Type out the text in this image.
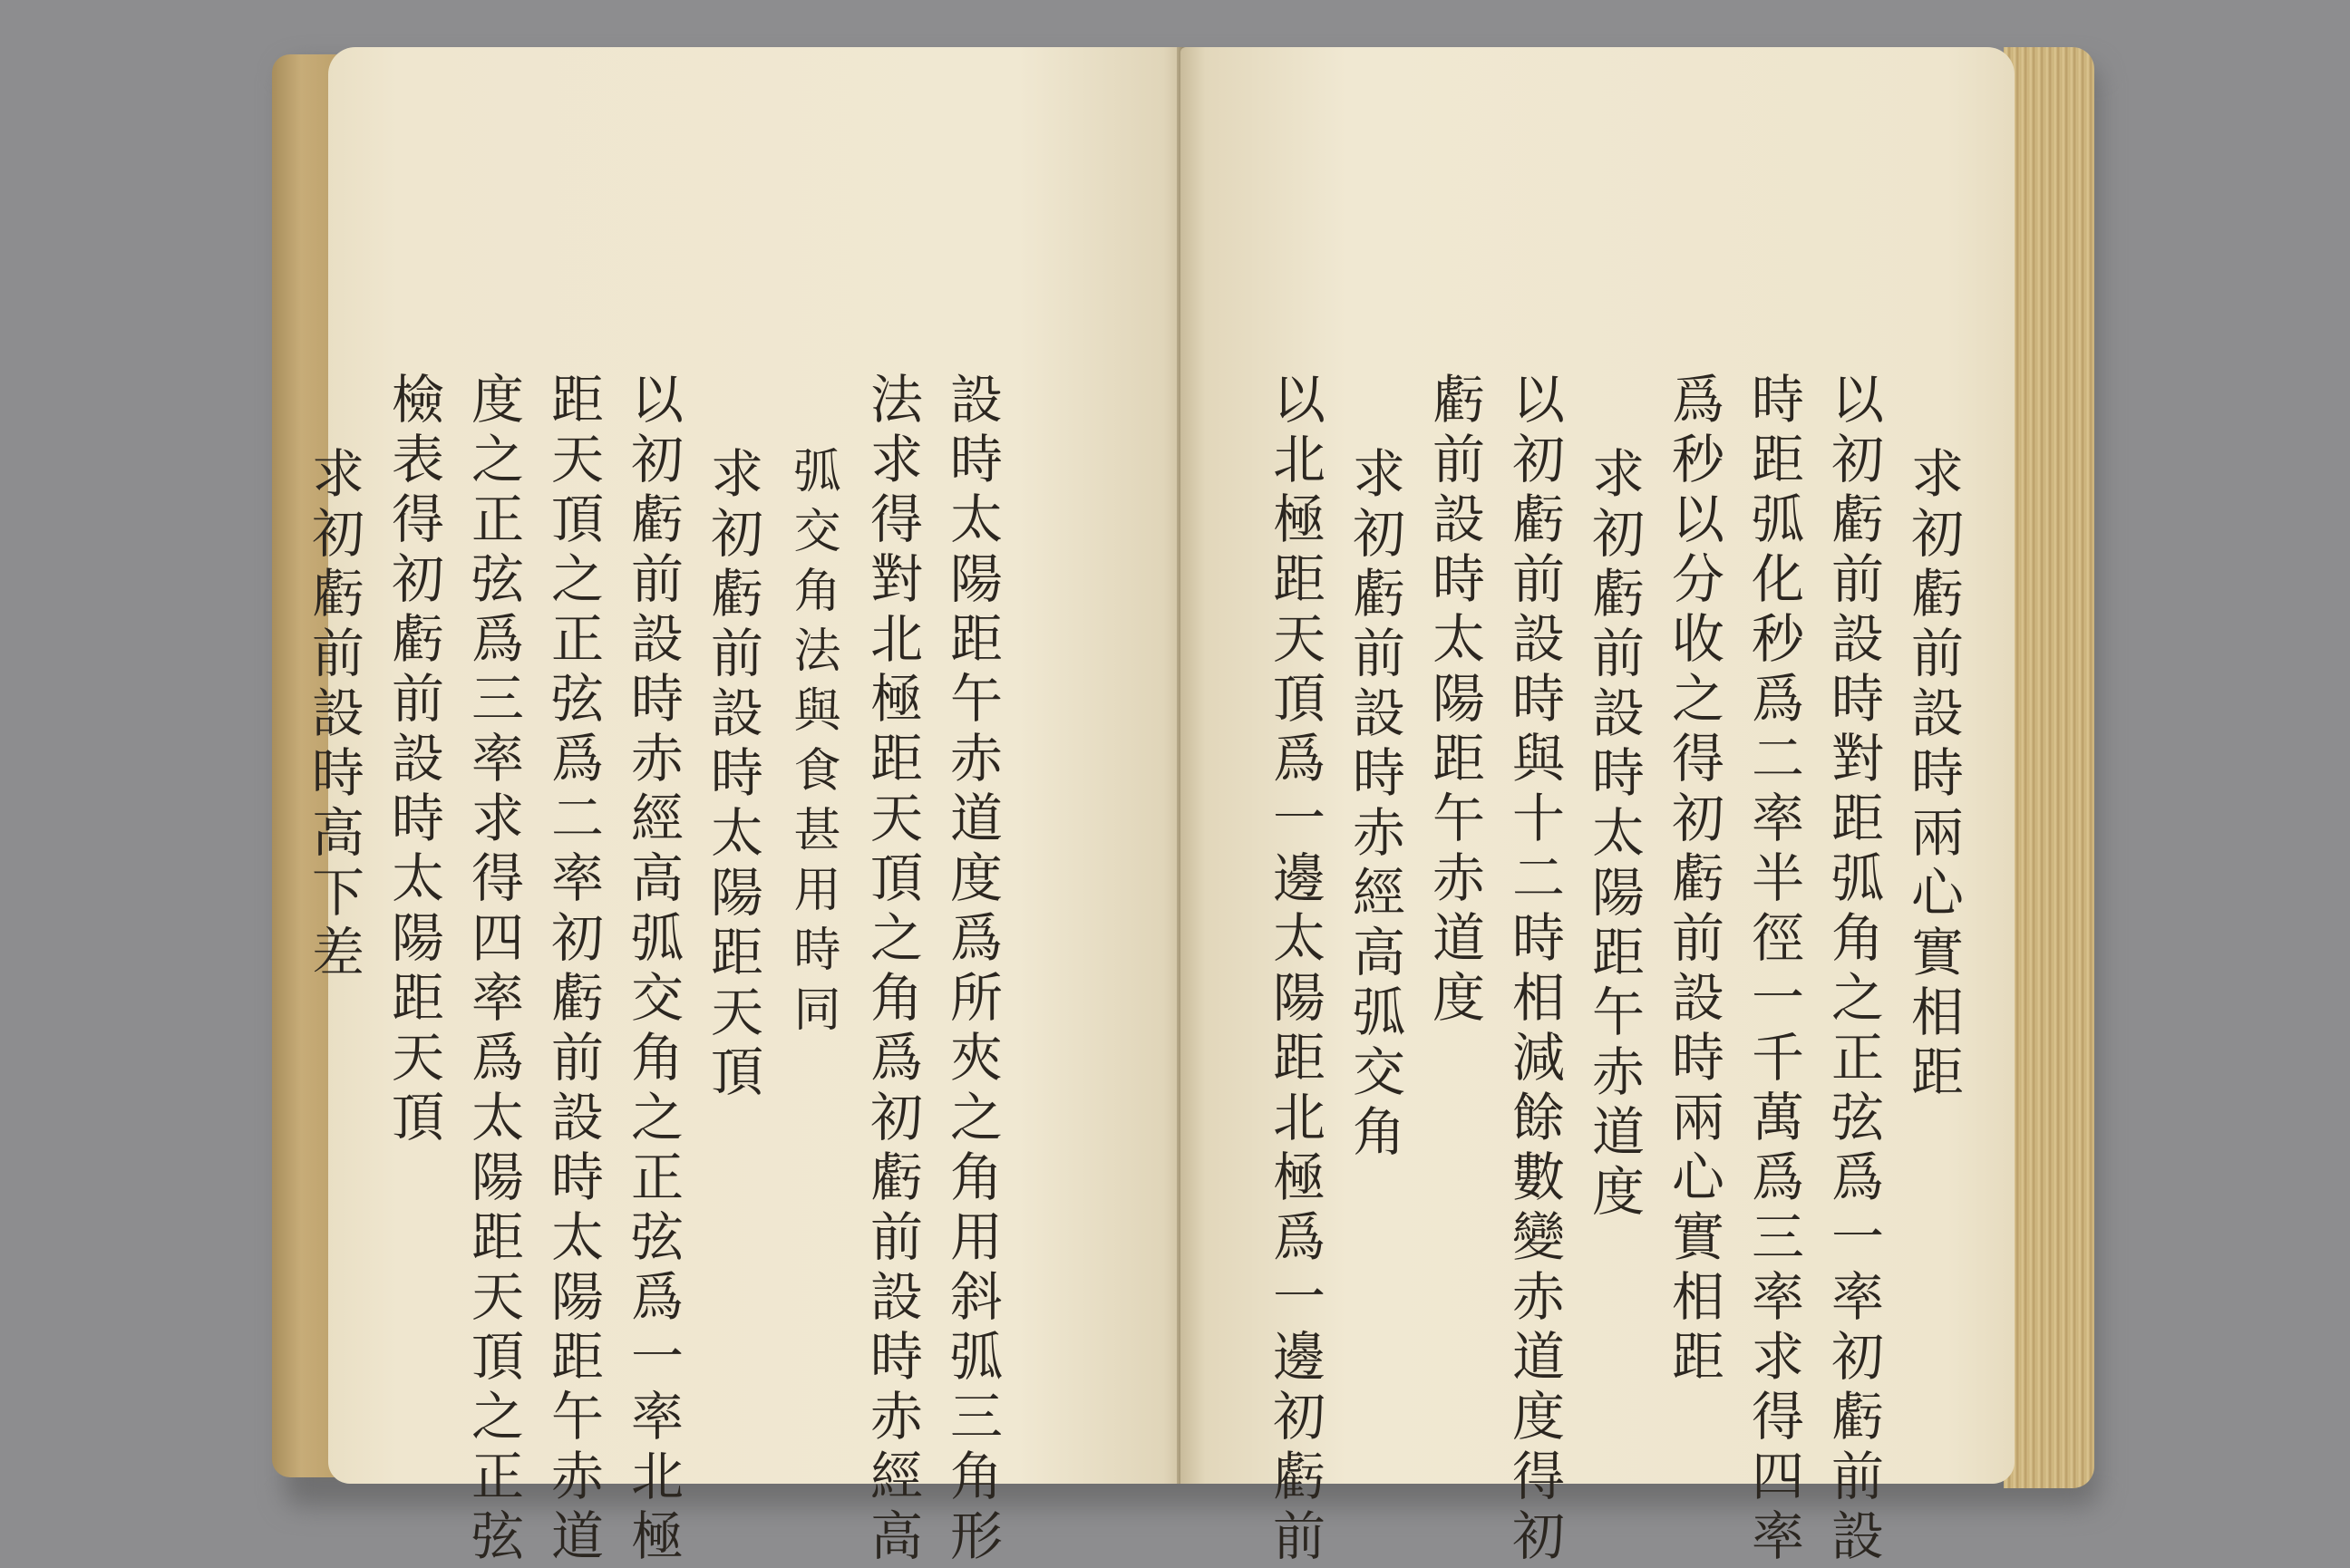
設時太陽距午赤道度爲所夾之角用斜弧三角形
法求得對北極距天頂之角爲初虧前設時赤經高
弧交角法與食甚用時同
求初虧前設時太陽距天頂
以初虧前設時赤經高弧交角之正弦爲一率北極
距天頂之正弦爲二率初虧前設時太陽距午赤道
度之正弦爲三率求得四率爲太陽距天頂之正弦
檢表得初虧前設時太陽距天頂
求初虧前設時高下差	求初虧前設時兩心實相距
以初虧前設時對距弧角之正弦爲一率初虧前設
時距弧化秒爲二率半徑一千萬爲三率求得四率
爲秒以分收之得初虧前設時兩心實相距
求初虧前設時太陽距午赤道度
以初虧前設時與十二時相減餘數變赤道度得初
虧前設時太陽距午赤道度
求初虧前設時赤經高弧交角
以北極距天頂爲一邊太陽距北極爲一邊初虧前
